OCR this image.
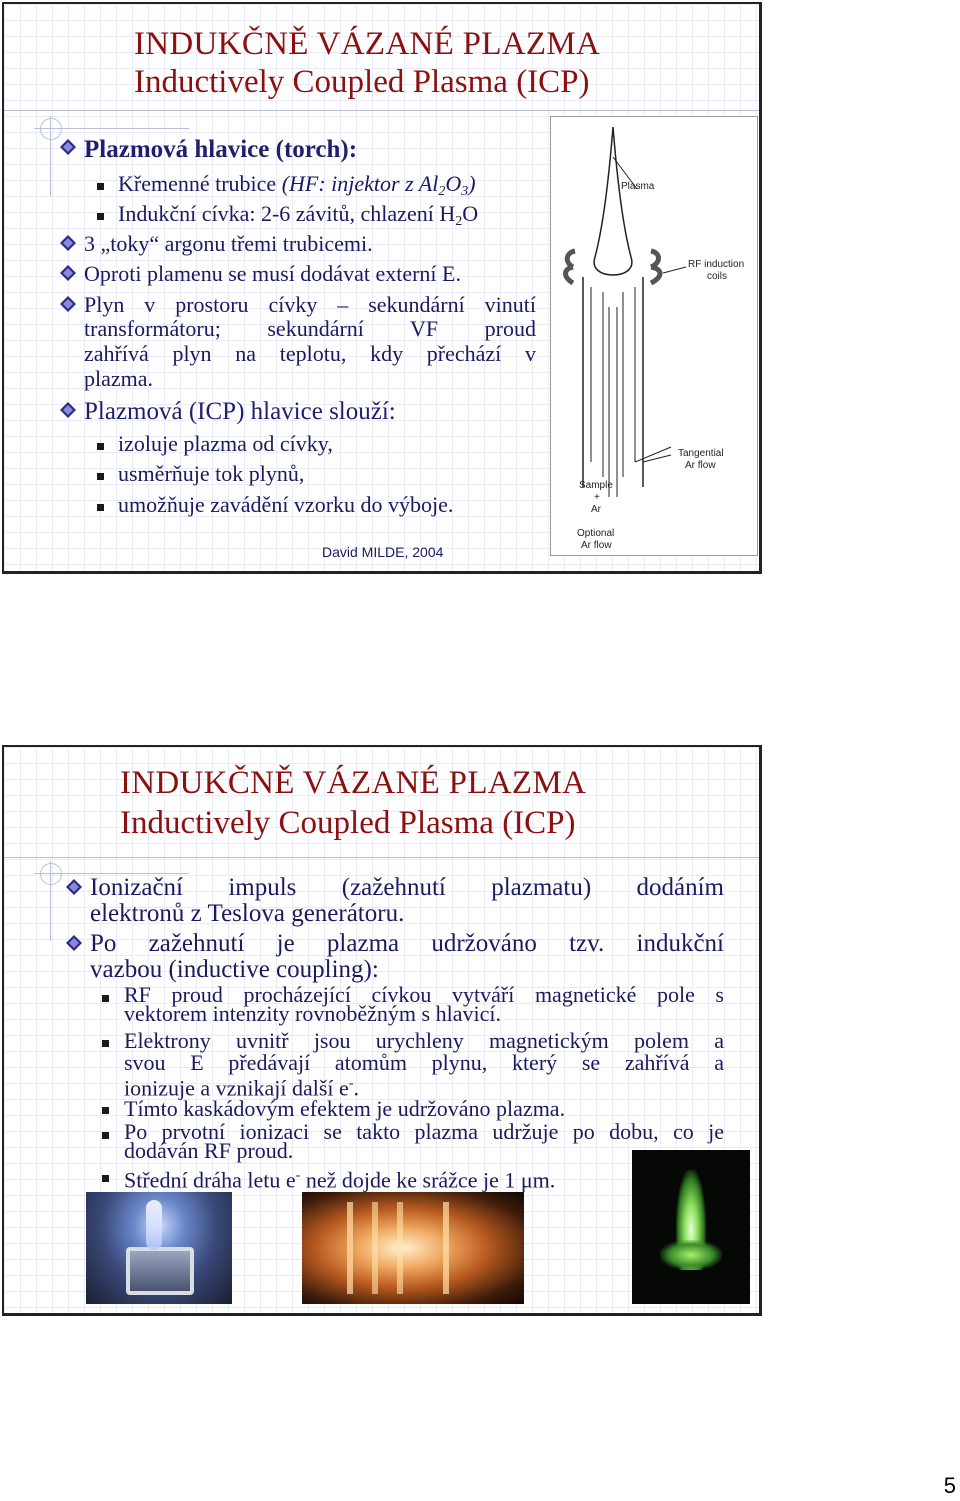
INDUKČNĚ VÁZANÉ PLAZMA
Inductively Coupled Plasma (ICP)
Plazmová hlavice (torch):
Křemenné trubice (HF: injektor z $Al_2O_3$)
Indukční cívka: 2-6 závitů, chlazení $H_2O$
3 „toky“ argonu třemi trubicemi.
Oproti plamenu se musí dodávat externí E.
Plyn v prostoru cívky – sekundární vinutí
transformátoru; sekundární VF proud
zahřívá plyn na teplotu, kdy přechází v
plazma.
Plazmová (ICP) hlavice slouží:
izoluje plazma od cívky,
usměrňuje tok plynů,
umožňuje zavádění vzorku do výboje.
David MILDE, 2004
Plasma
RF induction
coils
Tangential
Ar flow
Sample
+
Ar
Optional
Ar flow
INDUKČNĚ VÁZANÉ PLAZMA
Inductively Coupled Plasma (ICP)
Ionizační impuls (zažehnutí plazmatu) dodáním
elektronů z Teslova generátoru.
Po zažehnutí je plazma udržováno tzv. indukční
vazbou (inductive coupling):
RF proud procházející cívkou vytváří magnetické pole s
vektorem intenzity rovnoběžným s hlavicí.
Elektrony uvnitř jsou urychleny magnetickým polem a
svou E předávají atomům plynu, který se zahřívá a
ionizuje a vznikají další e-.
Tímto kaskádovým efektem je udržováno plazma.
Po prvotní ionizaci se takto plazma udržuje po dobu, co je
dodáván RF proud.
Střední dráha letu e- než dojde ke srážce je 1 μm.
5
